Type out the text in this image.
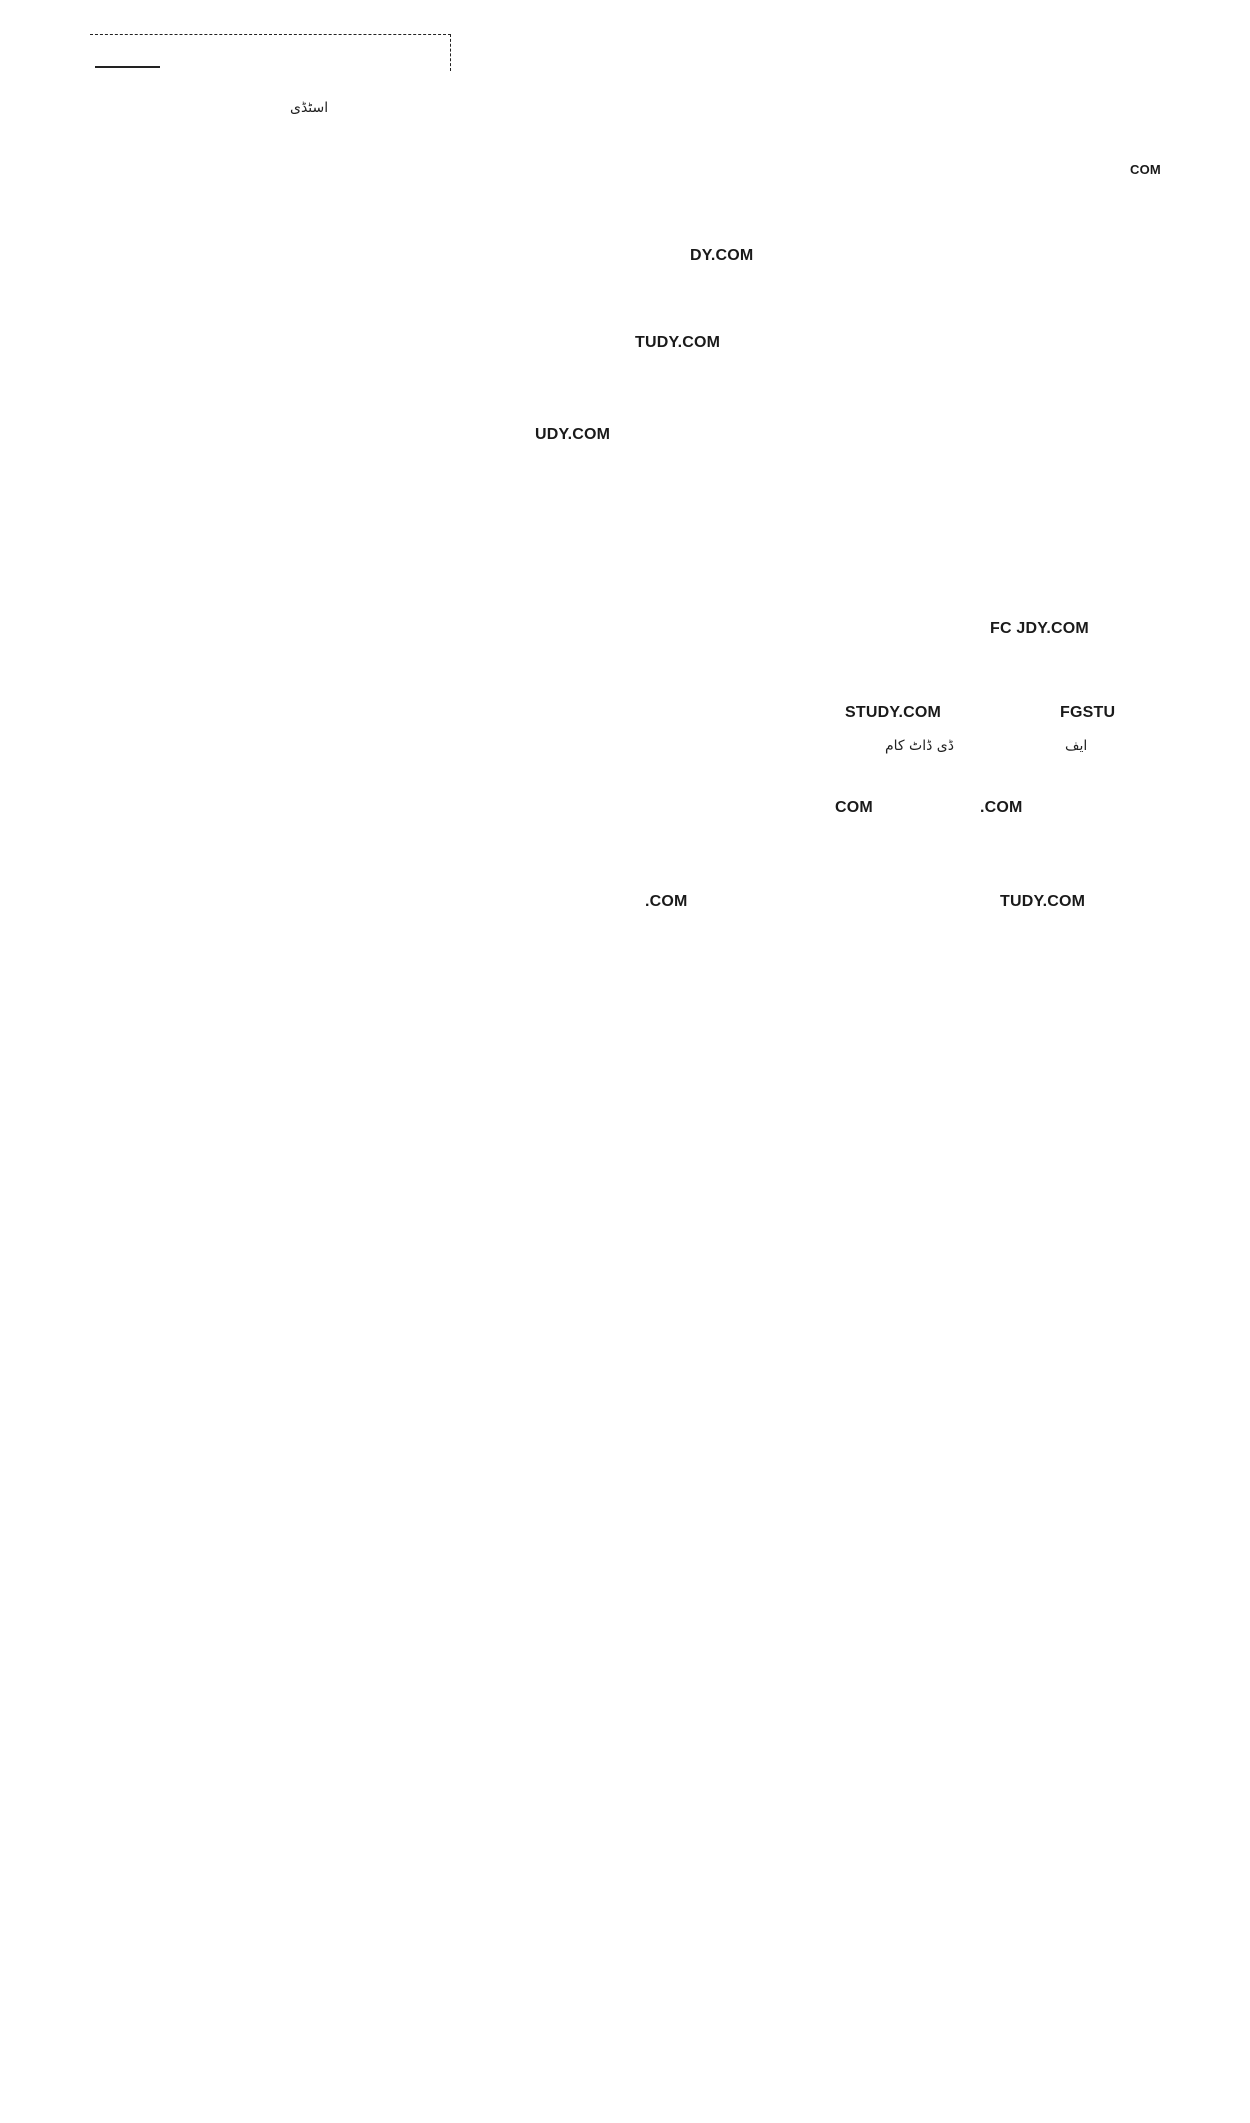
اسٹڈی
COM
DY.COM
TUDY.COM
UDY.COM
FC JDY.COM
STUDY.COM	FGSTU
ڈی ڈاٹ کام	ایف
COM	.COM
.COM	TUDY.COM
